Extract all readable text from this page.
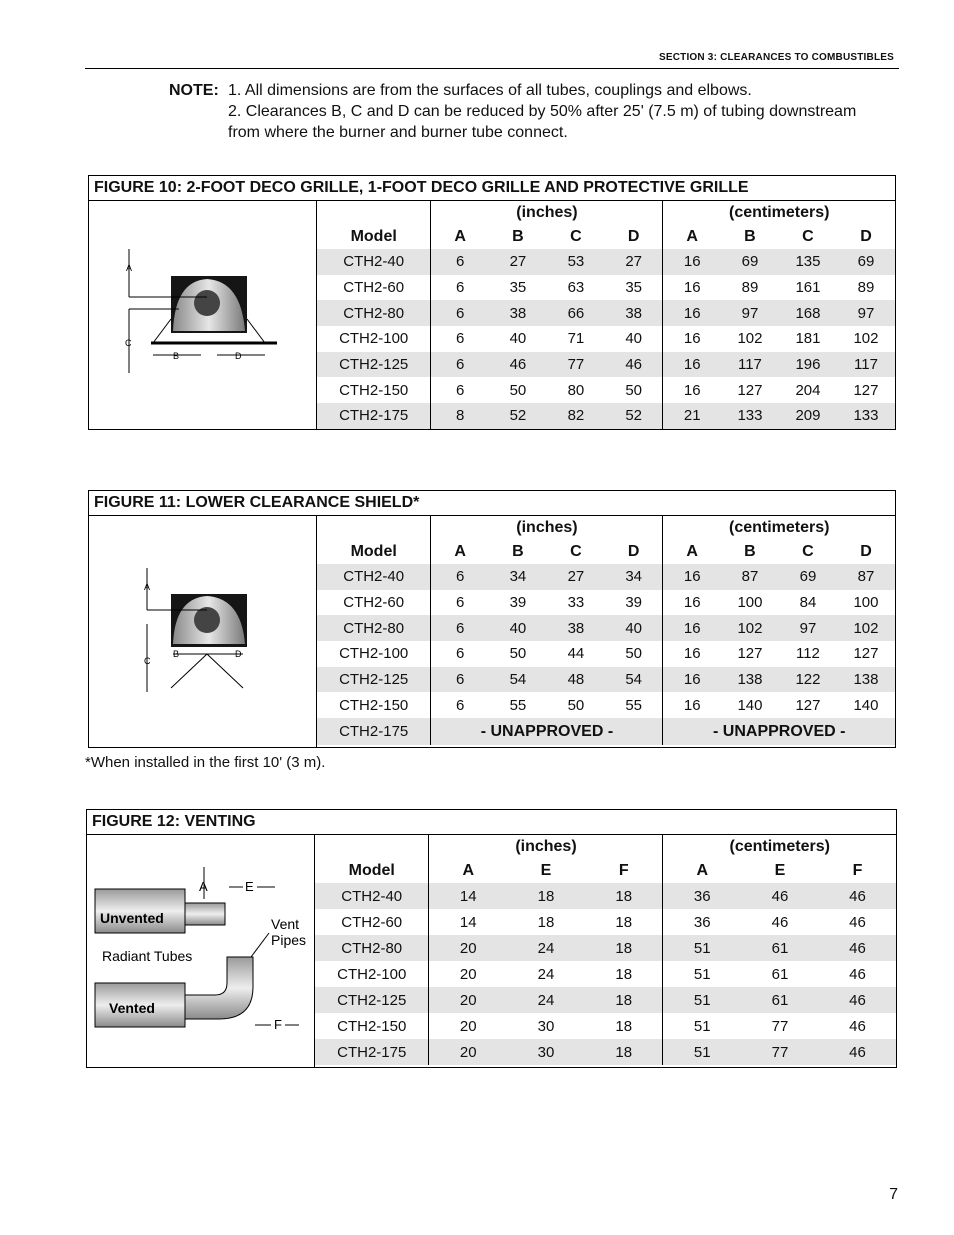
SECTION 3: CLEARANCES TO COMBUSTIBLES
NOTE: 1. All dimensions are from the surfaces of all tubes, couplings and elbows.
2. Clearances B, C and D can be reduced by 50% after 25' (7.5 m) of tubing downstream
from where the burner and burner tube connect.
FIGURE 10: 2-FOOT DECO GRILLE, 1-FOOT DECO GRILLE AND PROTECTIVE GRILLE
A
C
B	D
	(inches)				(centimeters)			
Model	A	B	C	D	A	B	C	D
CTH2-40	6	27	53	27	16	69	135	69
CTH2-60	6	35	63	35	16	89	161	89
CTH2-80	6	38	66	38	16	97	168	97
CTH2-100	6	40	71	40	16	102	181	102
CTH2-125	6	46	77	46	16	117	196	117
CTH2-150	6	50	80	50	16	127	204	127
CTH2-175	8	52	82	52	21	133	209	133
FIGURE 11: LOWER CLEARANCE SHIELD*
A
C
B	D
	(inches)				(centimeters)			
Model	A	B	C	D	A	B	C	D
CTH2-40	6	34	27	34	16	87	69	87
CTH2-60	6	39	33	39	16	100	84	100
CTH2-80	6	40	38	40	16	102	97	102
CTH2-100	6	50	44	50	16	127	112	127
CTH2-125	6	54	48	54	16	138	122	138
CTH2-150	6	55	50	55	16	140	127	140
CTH2-175	- UNAPPROVED -				- UNAPPROVED -			
*When installed in the first 10' (3 m).
FIGURE 12: VENTING
Unvented
Vented
Radiant Tubes
Vent
Pipes
A	E
F
	(inches)			(centimeters)		
Model	A	E	F	A	E	F
CTH2-40	14	18	18	36	46	46
CTH2-60	14	18	18	36	46	46
CTH2-80	20	24	18	51	61	46
CTH2-100	20	24	18	51	61	46
CTH2-125	20	24	18	51	61	46
CTH2-150	20	30	18	51	77	46
CTH2-175	20	30	18	51	77	46
7
